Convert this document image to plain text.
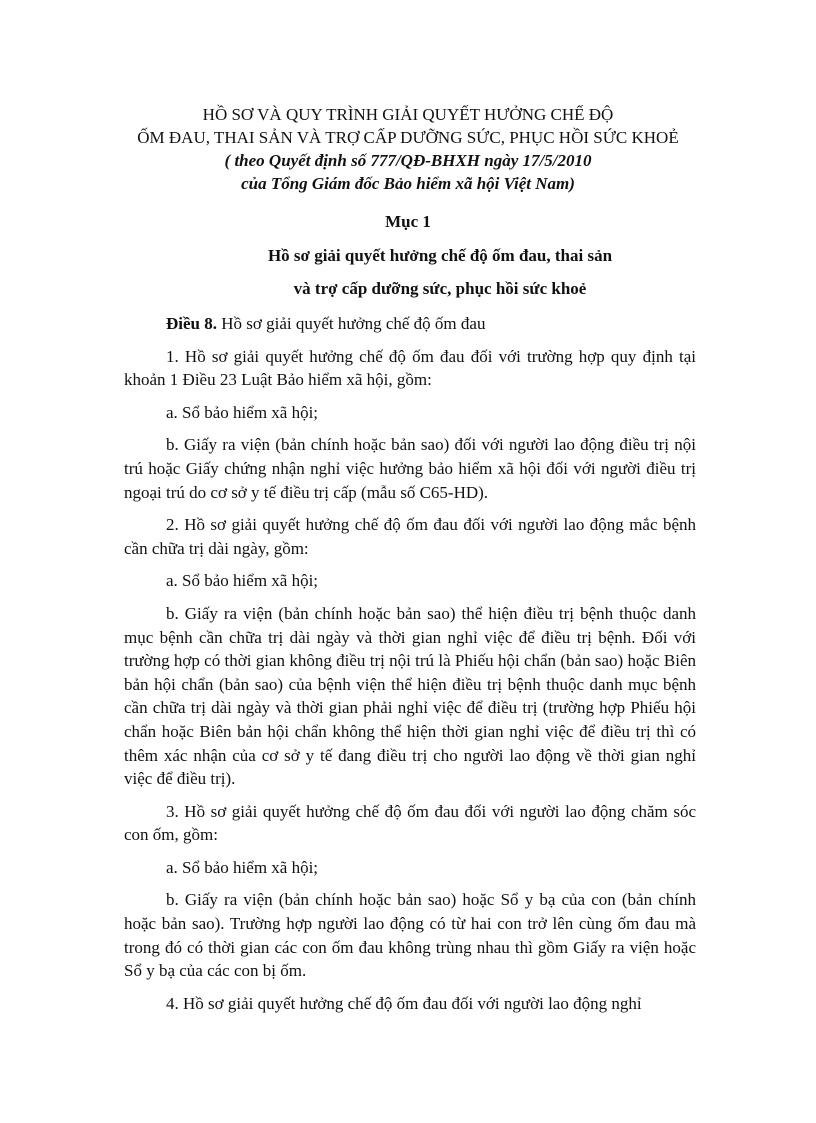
HỒ SƠ VÀ QUY TRÌNH GIẢI QUYẾT HƯỞNG CHẾ ĐỘ
ỐM ĐAU, THAI SẢN VÀ TRỢ CẤP DƯỠNG SỨC, PHỤC HỒI SỨC KHOẺ
( theo Quyết định số 777/QĐ-BHXH ngày 17/5/2010
của Tổng Giám đốc Bảo hiểm xã hội Việt Nam)
Mục 1
Hồ sơ giải quyết hưởng chế độ ốm đau, thai sản
và trợ cấp dưỡng sức, phục hồi sức khoẻ

Điều 8. Hồ sơ giải quyết hưởng chế độ ốm đau

1. Hồ sơ giải quyết hưởng chế độ ốm đau đối với trường hợp quy định tại khoản 1 Điều 23 Luật Bảo hiểm xã hội, gồm:

a. Sổ bảo hiểm xã hội;

b. Giấy ra viện (bản chính hoặc bản sao) đối với người lao động điều trị nội trú hoặc Giấy chứng nhận nghỉ việc hưởng bảo hiểm xã hội đối với người điều trị ngoại trú do cơ sở y tế điều trị cấp (mẫu số C65-HD).

2. Hồ sơ giải quyết hưởng chế độ ốm đau đối với người lao động mắc bệnh cần chữa trị dài ngày, gồm:

a. Sổ bảo hiểm xã hội;

b. Giấy ra viện (bản chính hoặc bản sao) thể hiện điều trị bệnh thuộc danh mục bệnh cần chữa trị dài ngày và thời gian nghỉ việc để điều trị bệnh. Đối với trường hợp có thời gian không điều trị nội trú là Phiếu hội chẩn (bản sao) hoặc Biên bản hội chẩn (bản sao) của bệnh viện thể hiện điều trị bệnh thuộc danh mục bệnh cần chữa trị dài ngày và thời gian phải nghỉ việc để điều trị (trường hợp Phiếu hội chẩn hoặc Biên bản hội chẩn không thể hiện thời gian nghỉ việc để điều trị thì có thêm xác nhận của cơ sở y tế đang điều trị cho người lao động về thời gian nghỉ việc để điều trị).

3. Hồ sơ giải quyết hưởng chế độ ốm đau đối với người lao động chăm sóc con ốm, gồm:

a. Sổ bảo hiểm xã hội;

b. Giấy ra viện (bản chính hoặc bản sao) hoặc Sổ y bạ của con (bản chính hoặc bản sao). Trường hợp người lao động có từ hai con trở lên cùng ốm đau mà trong đó có thời gian các con ốm đau không trùng nhau thì gồm Giấy ra viện hoặc Sổ y bạ của các con bị ốm.

4. Hồ sơ giải quyết hưởng chế độ ốm đau đối với người lao động nghỉ
